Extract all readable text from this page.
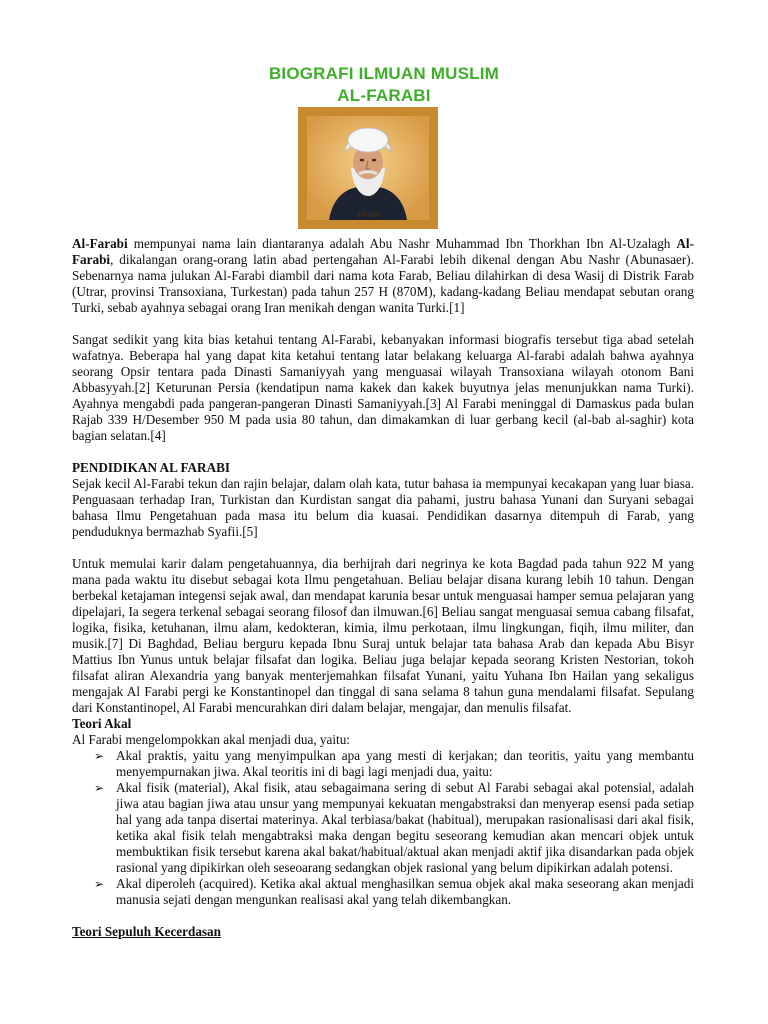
BIOGRAFI ILMUAN MUSLIM
AL-FARABI
870-950

Al-Farabi mempunyai nama lain diantaranya adalah Abu Nashr Muhammad Ibn Thorkhan Ibn Al-Uzalagh Al-Farabi, dikalangan orang-orang latin abad pertengahan Al-Farabi lebih dikenal dengan Abu Nashr (Abunasaer). Sebenarnya nama julukan Al-Farabi diambil dari nama kota Farab, Beliau dilahirkan di desa Wasij di Distrik Farab (Utrar, provinsi Transoxiana, Turkestan) pada tahun 257 H (870M), kadang-kadang Beliau mendapat sebutan orang Turki, sebab ayahnya sebagai orang Iran menikah dengan wanita Turki.[1]

Sangat sedikit yang kita bias ketahui tentang Al-Farabi, kebanyakan informasi biografis tersebut tiga abad setelah wafatnya. Beberapa hal yang dapat kita ketahui tentang latar belakang keluarga Al-farabi adalah bahwa ayahnya seorang Opsir tentara pada Dinasti Samaniyyah yang menguasai wilayah Transoxiana wilayah otonom Bani Abbasyyah.[2] Keturunan Persia (kendatipun nama kakek dan kakek buyutnya jelas menunjukkan nama Turki). Ayahnya mengabdi pada pangeran-pangeran Dinasti Samaniyyah.[3] Al Farabi meninggal di Damaskus pada bulan Rajab 339 H/Desember 950 M pada usia 80 tahun, dan dimakamkan di luar gerbang kecil (al-bab al-saghir) kota bagian selatan.[4]

PENDIDIKAN AL FARABI

Sejak kecil Al-Farabi tekun dan rajin belajar, dalam olah kata, tutur bahasa ia mempunyai kecakapan yang luar biasa. Penguasaan terhadap Iran, Turkistan dan Kurdistan sangat dia pahami, justru bahasa Yunani dan Suryani sebagai bahasa Ilmu Pengetahuan pada masa itu belum dia kuasai. Pendidikan dasarnya ditempuh di Farab, yang penduduknya bermazhab Syafii.[5]

Untuk memulai karir dalam pengetahuannya, dia berhijrah dari negrinya ke kota Bagdad pada tahun 922 M yang mana pada waktu itu disebut sebagai kota Ilmu pengetahuan. Beliau belajar disana kurang lebih 10 tahun. Dengan berbekal ketajaman integensi sejak awal, dan mendapat karunia besar untuk menguasai hamper semua pelajaran yang dipelajari, Ia segera terkenal sebagai seorang filosof dan ilmuwan.[6] Beliau sangat menguasai semua cabang filsafat, logika, fisika, ketuhanan, ilmu alam, kedokteran, kimia, ilmu perkotaan, ilmu lingkungan, fiqih, ilmu militer, dan musik.[7] Di Baghdad, Beliau berguru kepada Ibnu Suraj untuk belajar tata bahasa Arab dan kepada Abu Bisyr Mattius Ibn Yunus untuk belajar filsafat dan logika. Beliau juga belajar kepada seorang Kristen Nestorian, tokoh filsafat aliran Alexandria yang banyak menterjemahkan filsafat Yunani, yaitu Yuhana Ibn Hailan yang sekaligus mengajak Al Farabi pergi ke Konstantinopel dan tinggal di sana selama 8 tahun guna mendalami filsafat. Sepulang dari Konstantinopel, Al Farabi mencurahkan diri dalam belajar, mengajar, dan menulis filsafat.

Teori Akal

Al Farabi mengelompokkan akal menjadi dua, yaitu:

➢ Akal praktis, yaitu yang menyimpulkan apa yang mesti di kerjakan; dan teoritis, yaitu yang membantu menyempurnakan jiwa. Akal teoritis ini di bagi lagi menjadi dua, yaitu:
➢ Akal fisik (material), Akal fisik, atau sebagaimana sering di sebut Al Farabi sebagai akal potensial, adalah jiwa atau bagian jiwa atau unsur yang mempunyai kekuatan mengabstraksi dan menyerap esensi pada setiap hal yang ada tanpa disertai materinya. Akal terbiasa/bakat (habitual), merupakan rasionalisasi dari akal fisik, ketika akal fisik telah mengabtraksi maka dengan begitu seseorang kemudian akan mencari objek untuk membuktikan fisik tersebut karena akal bakat/habitual/aktual akan menjadi aktif jika disandarkan pada objek rasional yang dipikirkan oleh seseoarang sedangkan objek rasional yang belum dipikirkan adalah potensi.
➢ Akal diperoleh (acquired). Ketika akal aktual menghasilkan semua objek akal maka seseorang akan menjadi manusia sejati dengan mengunkan realisasi akal yang telah dikembangkan.

Teori Sepuluh Kecerdasan
